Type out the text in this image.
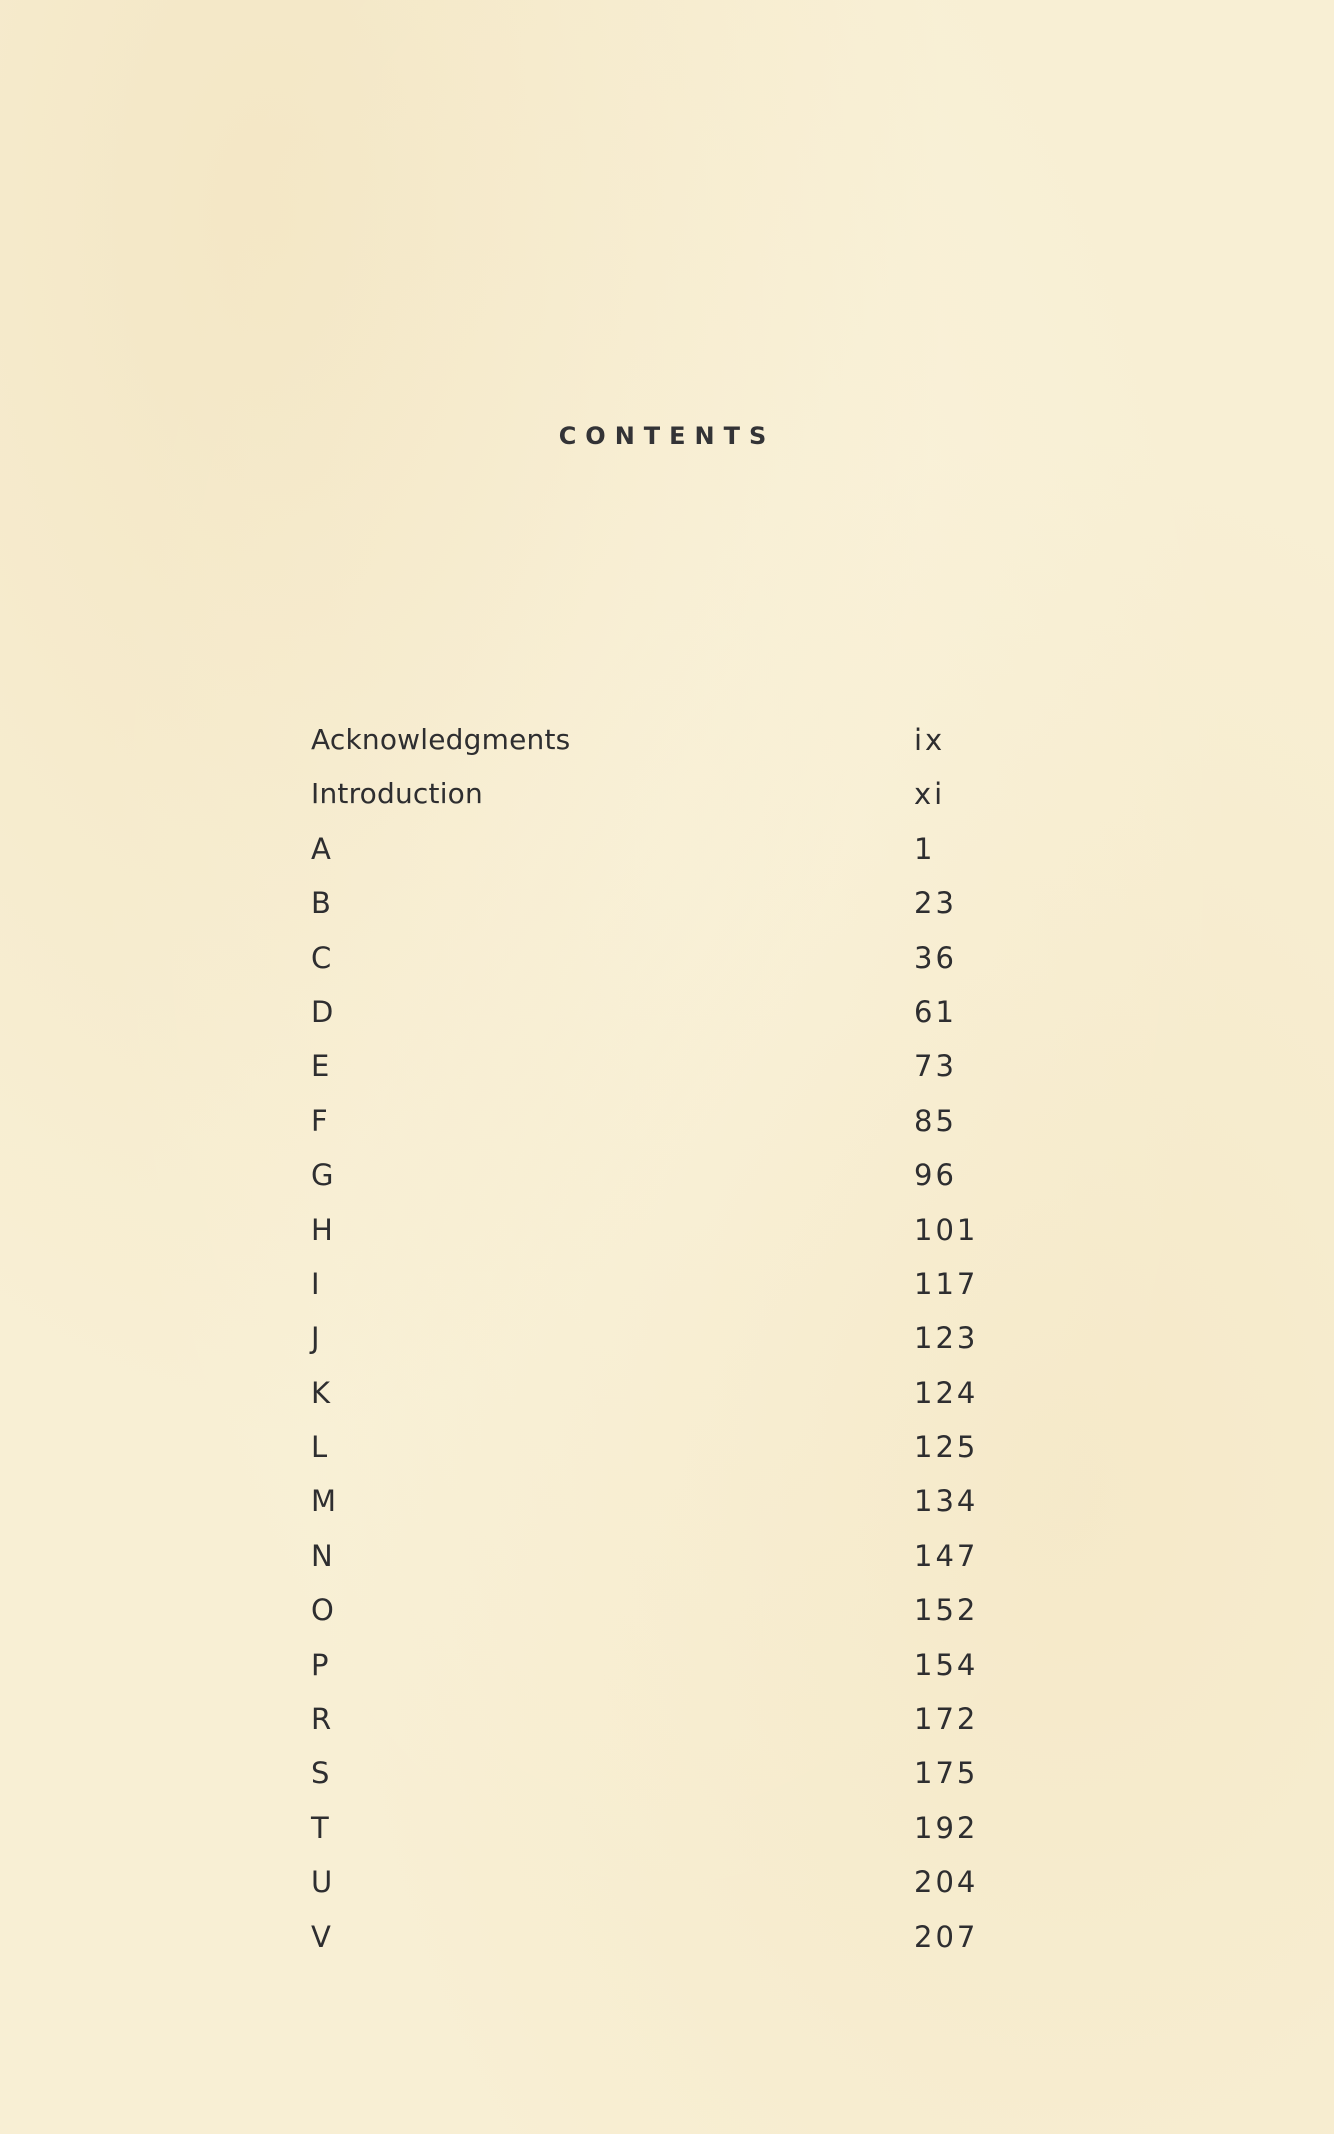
CONTENTS
Acknowledgments	ix
Introduction	xi
A	1
B	23
C	36
D	61
E	73
F	85
G	96
H	101
I	117
J	123
K	124
L	125
M	134
N	147
O	152
P	154
R	172
S	175
T	192
U	204
V	207
